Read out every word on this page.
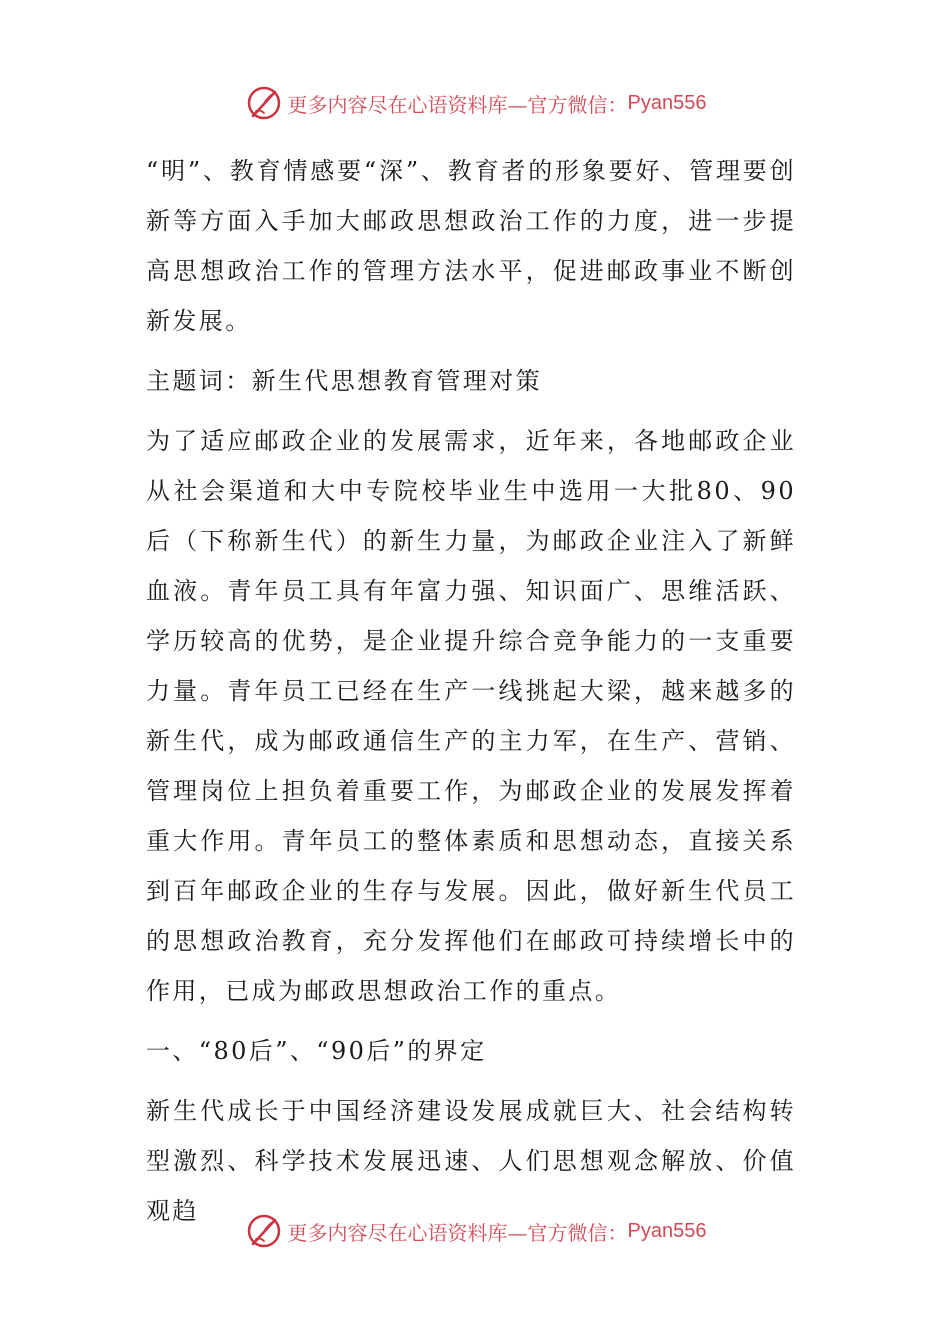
更多内容尽在心语资料库—官方微信： Pyan556

“明”、教育情感要“深”、教育者的形象要好、管理要创新等方面入手加大邮政思想政治工作的力度，进一步提高思想政治工作的管理方法水平，促进邮政事业不断创新发展。

主题词：新生代思想教育管理对策

为了适应邮政企业的发展需求，近年来，各地邮政企业从社会渠道和大中专院校毕业生中选用一大批80、90后（下称新生代）的新生力量，为邮政企业注入了新鲜血液。青年员工具有年富力强、知识面广、思维活跃、学历较高的优势，是企业提升综合竞争能力的一支重要力量。青年员工已经在生产一线挑起大梁，越来越多的新生代，成为邮政通信生产的主力军，在生产、营销、管理岗位上担负着重要工作，为邮政企业的发展发挥着重大作用。青年员工的整体素质和思想动态，直接关系到百年邮政企业的生存与发展。因此，做好新生代员工的思想政治教育，充分发挥他们在邮政可持续增长中的作用，已成为邮政思想政治工作的重点。

一、“80后”、“90后”的界定

新生代成长于中国经济建设发展成就巨大、社会结构转型激烈、科学技术发展迅速、人们思想观念解放、价值观趋

更多内容尽在心语资料库—官方微信： Pyan556
